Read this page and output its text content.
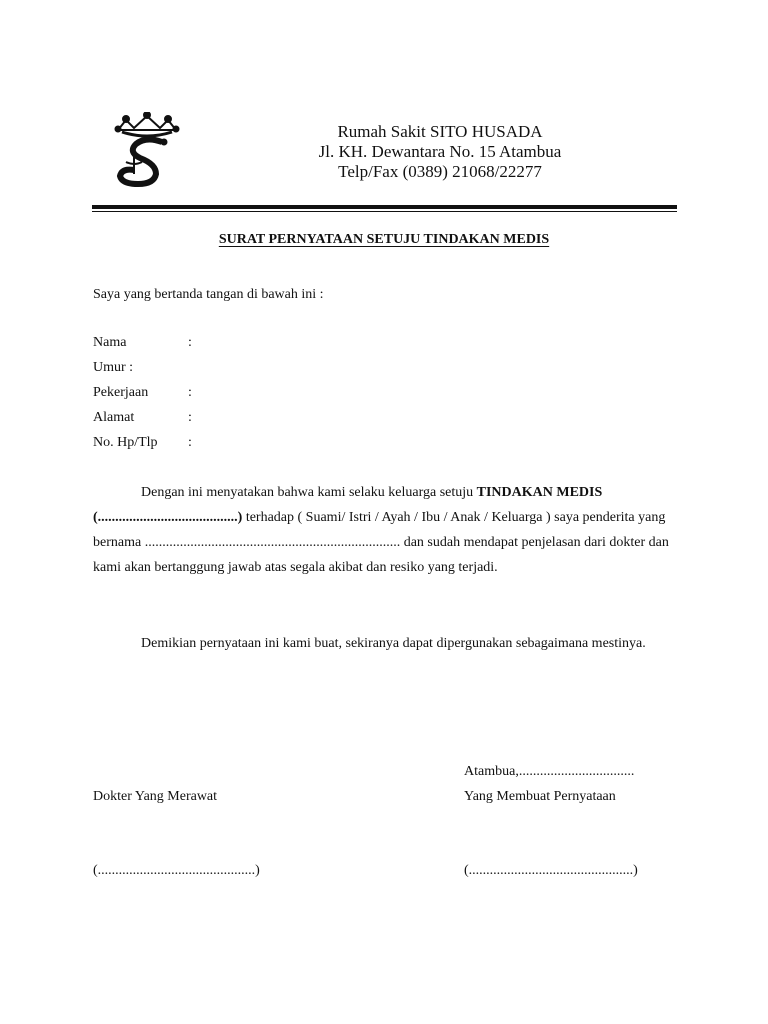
Rumah Sakit SITO HUSADA
Jl. KH. Dewantara No. 15 Atambua
Telp/Fax (0389) 21068/22277
SURAT PERNYATAAN SETUJU TINDAKAN MEDIS
Saya yang bertanda tangan di bawah ini :
Nama	:
Umur :
Pekerjaan	:
Alamat	:
No. Hp/Tlp :
Dengan ini menyatakan bahwa kami selaku keluarga setuju TINDAKAN MEDIS
(........................................) terhadap ( Suami/ Istri / Ayah / Ibu / Anak / Keluarga ) saya penderita yang bernama ......................................................................... dan sudah mendapat penjelasan dari dokter dan kami akan bertanggung jawab atas segala akibat dan resiko yang terjadi.
Demikian pernyataan ini kami buat, sekiranya dapat dipergunakan sebagaimana mestinya.
Atambua,.................................
Dokter Yang Merawat	Yang Membuat Pernyataan
(.............................................)	(...............................................)
